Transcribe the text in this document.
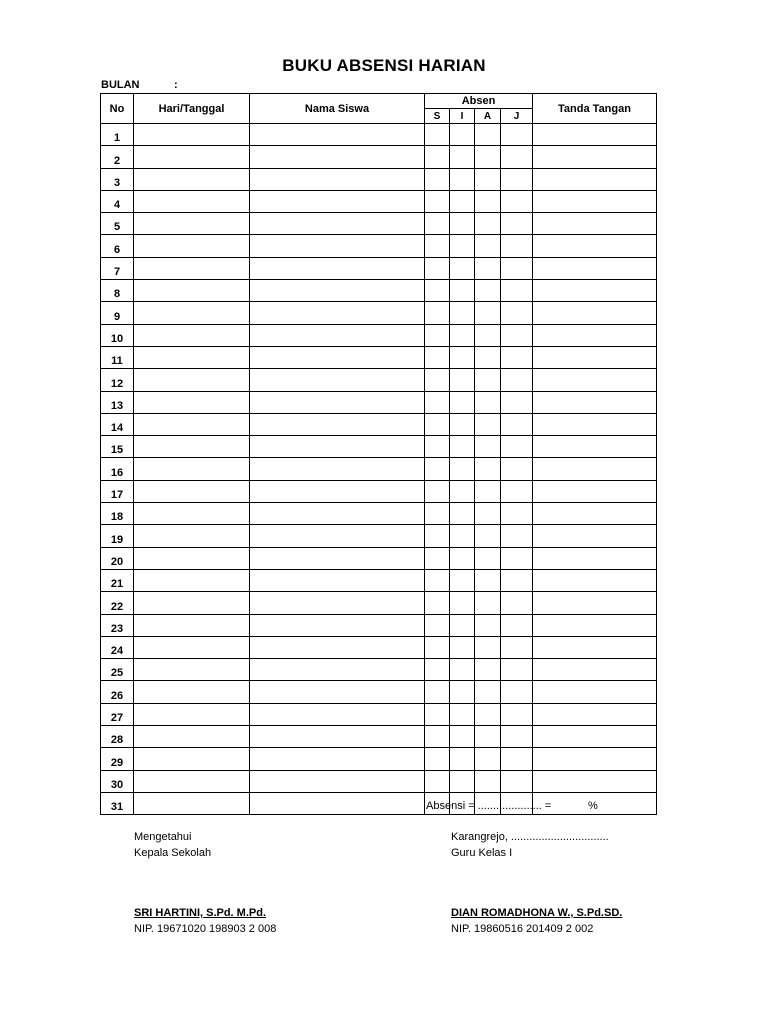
BUKU ABSENSI HARIAN
BULAN	:
No	Hari/Tanggal	Nama Siswa	Absen				Tanda Tangan
			S	I	A	J	
1							
2							
3							
4							
5							
6							
7							
8							
9							
10							
11							
12							
13							
14							
15							
16							
17							
18							
19							
20							
21							
22							
23							
24							
25							
26							
27							
28							
29							
30							
31								Absensi = ..................... =            %
Mengetahui
Kepala Sekolah
SRI HARTINI, S.Pd. M.Pd.
NIP. 19671020 198903 2 008
Karangrejo, ................................
Guru Kelas I
DIAN ROMADHONA W., S.Pd.SD.
NIP. 19860516 201409 2 002
